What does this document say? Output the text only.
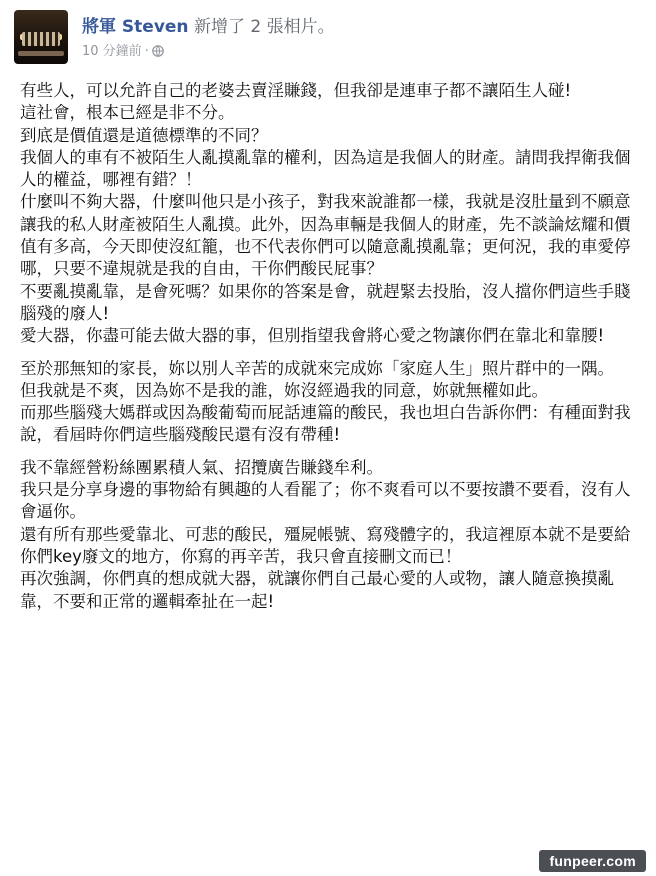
將軍 Steven 新增了 2 張相片。
10 分鐘前 ·

有些人，可以允許自己的老婆去賣淫賺錢，但我卻是連車子都不讓陌生人碰!

這社會，根本已經是非不分。

到底是價值還是道德標準的不同？

我個人的車有不被陌生人亂摸亂靠的權利，因為這是我個人的財產。請問我捍衛我個人的權益，哪裡有錯？！

什麼叫不夠大器，什麼叫他只是小孩子，對我來說誰都一樣，我就是沒肚量到不願意讓我的私人財產被陌生人亂摸。此外，因為車輛是我個人的財產，先不談論炫耀和價值有多高，今天即使沒紅籠，也不代表你們可以隨意亂摸亂靠；更何況，我的車愛停哪，只要不違規就是我的自由，干你們酸民屁事？

不要亂摸亂靠，是會死嗎？如果你的答案是會，就趕緊去投胎，沒人擋你們這些手賤腦殘的廢人!

愛大器，你盡可能去做大器的事，但別指望我會將心愛之物讓你們在靠北和靠腰!

至於那無知的家長，妳以別人辛苦的成就來完成妳「家庭人生」照片群中的一隅。

但我就是不爽，因為妳不是我的誰，妳沒經過我的同意，妳就無權如此。

而那些腦殘大媽群或因為酸葡萄而屁話連篇的酸民，我也坦白告訴你們：有種面對我說，看屆時你們這些腦殘酸民還有沒有帶種!

我不靠經營粉絲團累積人氣、招攬廣告賺錢牟利。

我只是分享身邊的事物給有興趣的人看罷了；你不爽看可以不要按讚不要看，沒有人會逼你。

還有所有那些愛靠北、可悲的酸民，殭屍帳號、寫殘體字的，我這裡原本就不是要給你們key廢文的地方，你寫的再辛苦，我只會直接刪文而已！

再次強調，你們真的想成就大器，就讓你們自己最心愛的人或物，讓人隨意換摸亂靠，不要和正常的邏輯牽扯在一起!

funpeer.com
